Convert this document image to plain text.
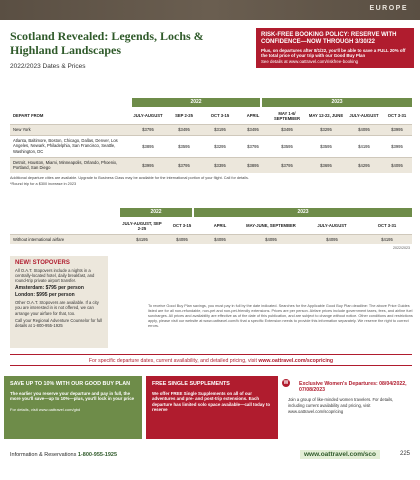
EUROPE
Scotland Revealed: Legends, Lochs & Highland Landscapes
2022/2023 Dates & Prices
RISK-FREE BOOKING POLICY: RESERVE WITH CONFIDENCE—NOW THROUGH 3/30/22
Plus, on departures after 8/1/22, you'll be able to save a FULL 20% off the total price of your trip with our Good Buy Plan
See details at www.oattravel.com/riskfree-booking
2022	2023
DEPART FROM	JULY-AUGUST	SEP 2-25	OCT 3-15	APRIL	MAY 1-6/ SEPTEMBER	MAY 12-22, JUNE	JULY-AUGUST	OCT 3-31
New York	$3795	$3495	$3195	$3495	$3495	$3295	$4095	$3995
Atlanta, Baltimore, Boston, Chicago, Dallas, Denver, Los Angeles, Newark, Philadelphia, San Francisco, Seattle, Washington, DC	$3895	$3595	$3295	$3795	$3595	$3595	$4195	$3995
Detroit, Houston, Miami, Minneapolis, Orlando, Phoenix, Portland, San Diego	$3995	$3795	$3395	$3895	$3795	$3695	$4295	$4095
Additional departure cities are available. Upgrade to Business Class may be available for the international portion of your flight. Call for details.
*Round trip for a $300 increase in 2023
2022	2023
	JULY-AUGUST, SEP 2-25	OCT 3-15	APRIL	MAY-JUNE, SEPTEMBER	JULY-AUGUST	OCT 3-31
Without international airfare	$4195	$4095	$4095	$4095	$4095	$4195
2022/2023
NEW! STOPOVERS

All O.A.T. Stopovers include a nights in a centrally-located hotel, daily breakfast, and round-trip private airport transfer.

Amsterdam: $795 per person

London: $995 per person

Other O.A.T. Stopovers are available. If a city you are interested in is not offered, we can arrange your airfare for that, too.

Call your Regional Adventure Counselor for full details at 1-800-955-1925

To receive Good Buy Plan savings, you must pay in full by the date indicated. Searches for the Applicable Good Buy Plan deadline: The above Price Guides listed are for all non-refundable, non-pet and non-pet-friendly extensions. Prices are per person. Airfare prices include government taxes, fees, and airline fuel surcharges. All prices and availability are effective as of the date of this publication, and are subject to change without notice. Other conditions and restrictions apply, please visit our website at www.oattravel.com/fc that a specific Extension needs to provide this information separately. We reserve the right to correct errors.
For specific departure dates, current availability, and detailed pricing, visit www.oattravel.com/scopricing
SAVE UP TO 10% WITH OUR GOOD BUY PLAN
The earlier you reserve your departure and pay in full, the more you'll save—up to 10%—plus, you'll lock in your price
For details, visit www.oattravel.com/gbd
FREE SINGLE SUPPLEMENTS
We offer FREE Single Supplements on all of our adventures and pre- and post-trip extensions. Each departure has limited solo space available—call today to reserve
Exclusive Women's Departures: 08/04/2022, 07/08/2023
Join a group of like-minded women travelers. For details, including current availability and pricing, visit www.oattravel.com/scopricing
W
Information & Reservations 1-800-955-1925	www.oattravel.com/sco	225
